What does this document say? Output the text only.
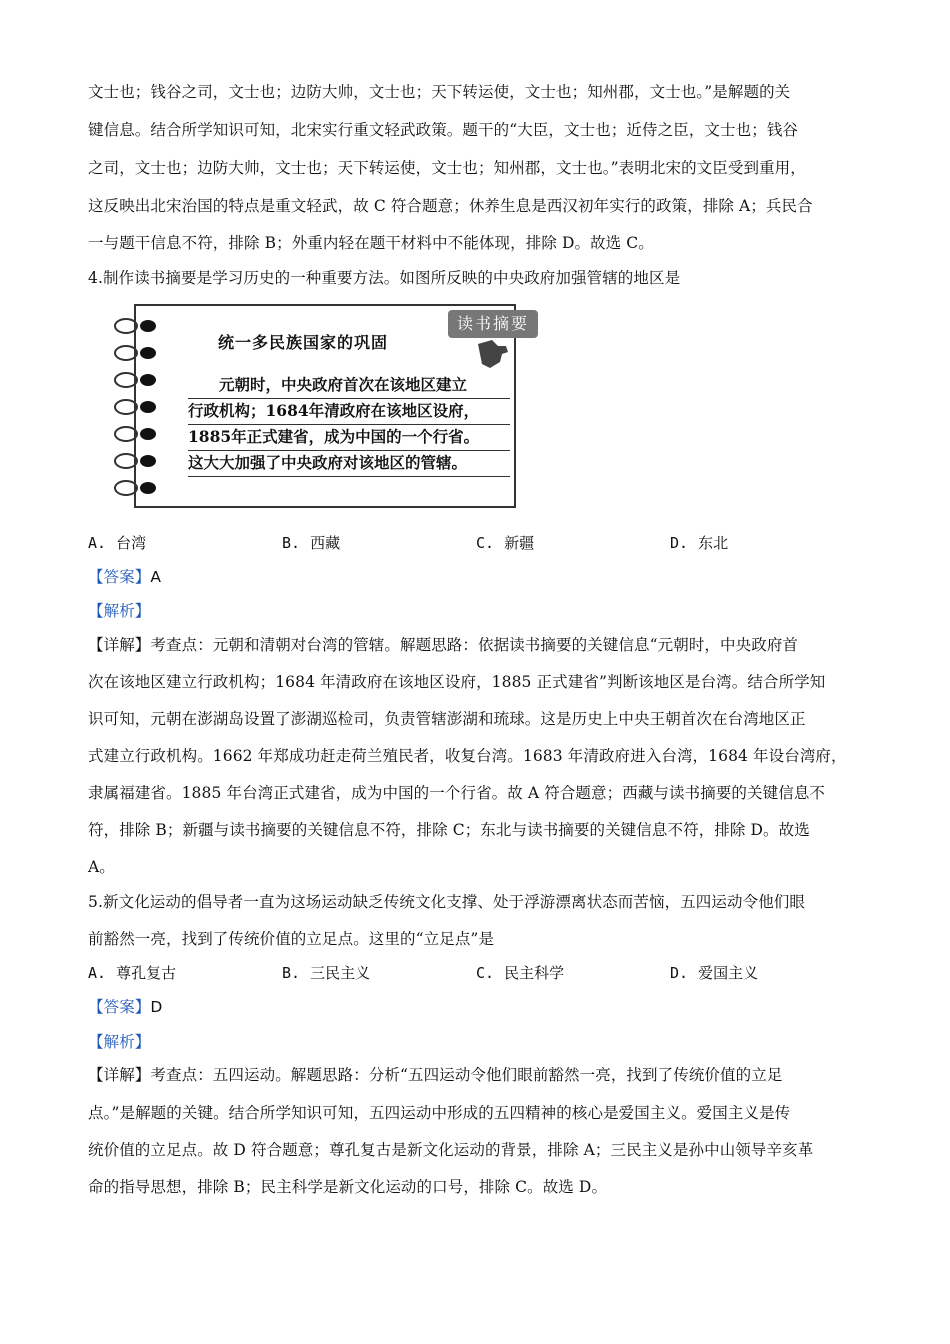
文士也；钱谷之司，文士也；边防大帅，文士也；天下转运使，文士也；知州郡，文士也。”是解题的关
键信息。结合所学知识可知，北宋实行重文轻武政策。题干的“大臣，文士也；近侍之臣，文士也；钱谷
之司，文士也；边防大帅，文士也；天下转运使，文士也；知州郡，文士也。”表明北宋的文臣受到重用，
这反映出北宋治国的特点是重文轻武，故 C 符合题意；休养生息是西汉初年实行的政策，排除 A；兵民合
一与题干信息不符，排除 B；外重内轻在题干材料中不能体现，排除 D。故选 C。
4.制作读书摘要是学习历史的一种重要方法。如图所反映的中央政府加强管辖的地区是
读书摘要
统一多民族国家的巩固
　　元朝时，中央政府首次在该地区建立
行政机构；1684年清政府在该地区设府，
1885年正式建省，成为中国的一个行省。
这大大加强了中央政府对该地区的管辖。
A. 台湾	B. 西藏	C. 新疆	D. 东北
【答案】A
【解析】
【详解】考查点：元朝和清朝对台湾的管辖。解题思路：依据读书摘要的关键信息“元朝时，中央政府首
次在该地区建立行政机构；1684 年清政府在该地区设府，1885 正式建省”判断该地区是台湾。结合所学知
识可知，元朝在澎湖岛设置了澎湖巡检司，负责管辖澎湖和琉球。这是历史上中央王朝首次在台湾地区正
式建立行政机构。1662 年郑成功赶走荷兰殖民者，收复台湾。1683 年清政府进入台湾，1684 年设台湾府，
隶属福建省。1885 年台湾正式建省，成为中国的一个行省。故 A 符合题意；西藏与读书摘要的关键信息不
符，排除 B；新疆与读书摘要的关键信息不符，排除 C；东北与读书摘要的关键信息不符，排除 D。故选
A。
5.新文化运动的倡导者一直为这场运动缺乏传统文化支撑、处于浮游漂离状态而苦恼，五四运动令他们眼
前豁然一亮，找到了传统价值的立足点。这里的“立足点”是
A. 尊孔复古	B. 三民主义	C. 民主科学	D. 爱国主义
【答案】D
【解析】
【详解】考查点：五四运动。解题思路：分析“五四运动令他们眼前豁然一亮，找到了传统价值的立足
点。”是解题的关键。结合所学知识可知，五四运动中形成的五四精神的核心是爱国主义。爱国主义是传
统价值的立足点。故 D 符合题意；尊孔复古是新文化运动的背景，排除 A；三民主义是孙中山领导辛亥革
命的指导思想，排除 B；民主科学是新文化运动的口号，排除 C。故选 D。
